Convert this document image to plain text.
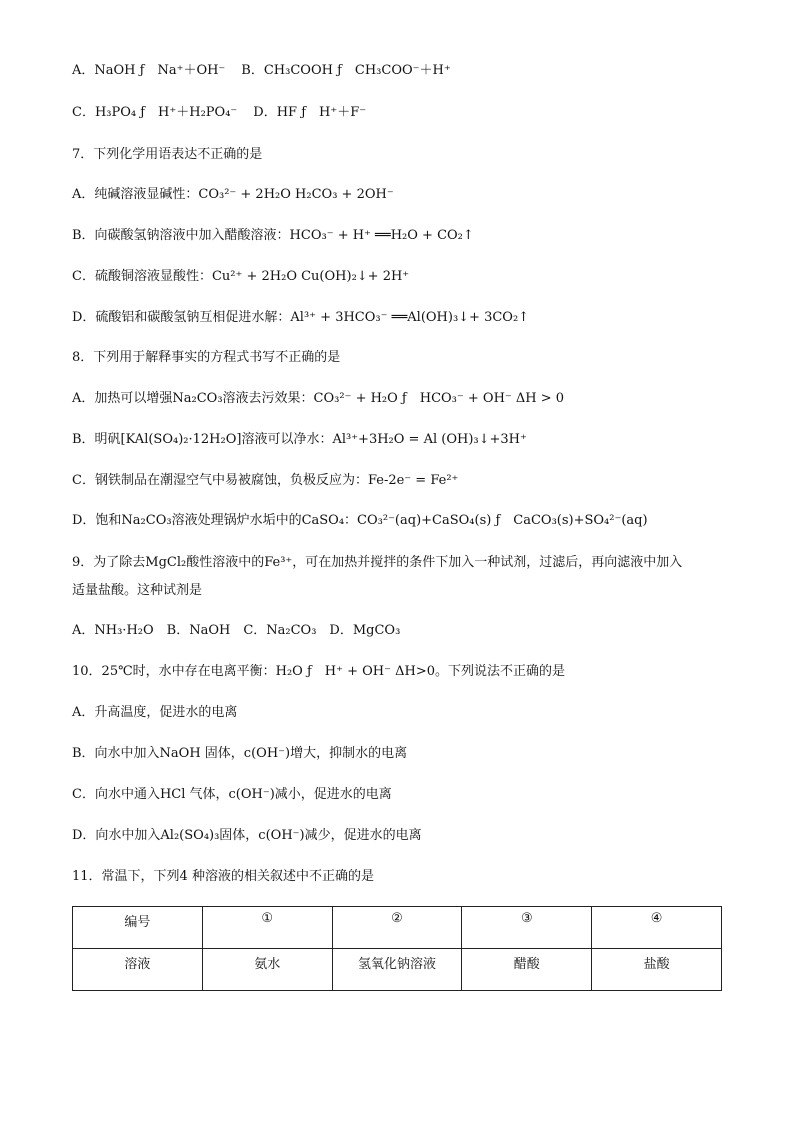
A．NaOH ƒ　Na⁺＋OH⁻ B．CH₃COOH ƒ　CH₃COO⁻＋H⁺
C．H₃PO₄ ƒ　H⁺＋H₂PO₄⁻ D．HF ƒ　H⁺＋F⁻
7．下列化学用语表达不正确的是
A．纯碱溶液显碱性：CO₃²⁻ + 2H₂O H₂CO₃ + 2OH⁻
B．向碳酸氢钠溶液中加入醋酸溶液：HCO₃⁻ + H⁺ ══H₂O + CO₂↑
C．硫酸铜溶液显酸性：Cu²⁺ + 2H₂O Cu(OH)₂↓+ 2H⁺
D．硫酸铝和碳酸氢钠互相促进水解：Al³⁺ + 3HCO₃⁻ ══Al(OH)₃↓+ 3CO₂↑
8．下列用于解释事实的方程式书写不正确的是
A．加热可以增强Na₂CO₃溶液去污效果：CO₃²⁻ + H₂O ƒ　HCO₃⁻ + OH⁻ ΔH > 0
B．明矾[KAl(SO₄)₂·12H₂O]溶液可以净水：Al³⁺+3H₂O = Al (OH)₃↓+3H⁺
C．钢铁制品在潮湿空气中易被腐蚀，负极反应为：Fe-2e⁻ = Fe²⁺
D．饱和Na₂CO₃溶液处理锅炉水垢中的CaSO₄：CO₃²⁻(aq)+CaSO₄(s) ƒ　CaCO₃(s)+SO₄²⁻(aq)
9．为了除去MgCl₂酸性溶液中的Fe³⁺，可在加热并搅拌的条件下加入一种试剂，过滤后，再向滤液中加入
适量盐酸。这种试剂是
A．NH₃·H₂O　B．NaOH　C．Na₂CO₃　D．MgCO₃
10．25℃时，水中存在电离平衡：H₂O ƒ　H⁺ + OH⁻ ΔH>0。下列说法不正确的是
A．升高温度，促进水的电离
B．向水中加入NaOH 固体，c(OH⁻)增大，抑制水的电离
C．向水中通入HCl 气体，c(OH⁻)减小，促进水的电离
D．向水中加入Al₂(SO₄)₃固体，c(OH⁻)减少，促进水的电离
11．常温下，下列4 种溶液的相关叙述中不正确的是
编号	①	②	③	④
溶液	氨水	氢氧化钠溶液	醋酸	盐酸
